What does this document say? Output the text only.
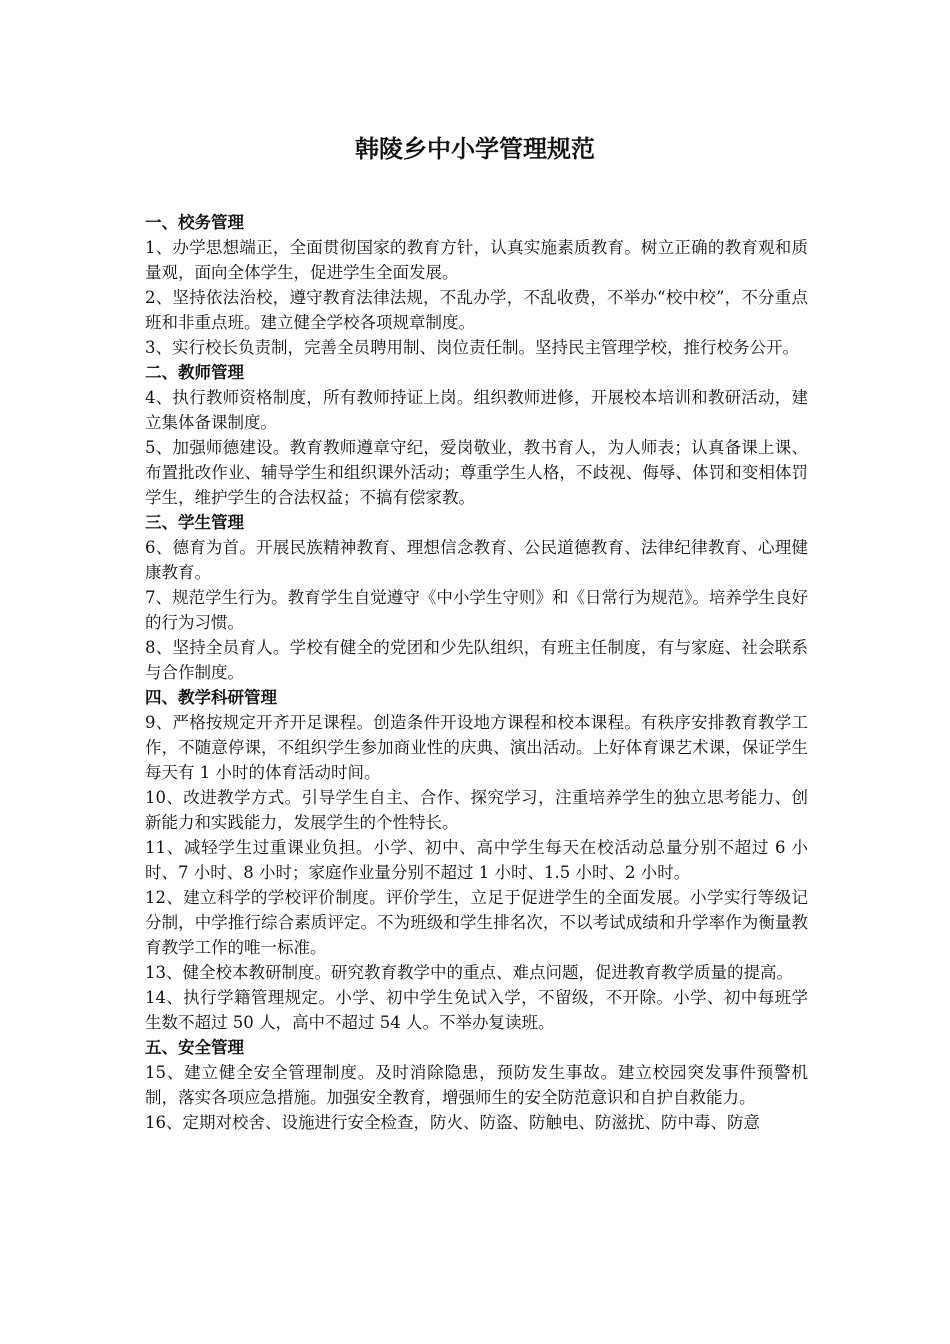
韩陵乡中小学管理规范

一、校务管理

1、办学思想端正，全面贯彻国家的教育方针，认真实施素质教育。树立正确的教育观和质量观，面向全体学生，促进学生全面发展。

2、坚持依法治校，遵守教育法律法规，不乱办学，不乱收费，不举办“校中校”，不分重点班和非重点班。建立健全学校各项规章制度。

3、实行校长负责制，完善全员聘用制、岗位责任制。坚持民主管理学校，推行校务公开。

二、教师管理

4、执行教师资格制度，所有教师持证上岗。组织教师进修，开展校本培训和教研活动，建立集体备课制度。

5、加强师德建设。教育教师遵章守纪，爱岗敬业，教书育人，为人师表；认真备课上课、布置批改作业、辅导学生和组织课外活动；尊重学生人格，不歧视、侮辱、体罚和变相体罚学生，维护学生的合法权益；不搞有偿家教。

三、学生管理

6、德育为首。开展民族精神教育、理想信念教育、公民道德教育、法律纪律教育、心理健康教育。

7、规范学生行为。教育学生自觉遵守《中小学生守则》和《日常行为规范》。培养学生良好的行为习惯。

8、坚持全员育人。学校有健全的党团和少先队组织，有班主任制度，有与家庭、社会联系与合作制度。

四、教学科研管理

9、严格按规定开齐开足课程。创造条件开设地方课程和校本课程。有秩序安排教育教学工作，不随意停课，不组织学生参加商业性的庆典、演出活动。上好体育课艺术课，保证学生每天有 1 小时的体育活动时间。

10、改进教学方式。引导学生自主、合作、探究学习，注重培养学生的独立思考能力、创新能力和实践能力，发展学生的个性特长。

11、减轻学生过重课业负担。小学、初中、高中学生每天在校活动总量分别不超过 6 小时、7 小时、8 小时；家庭作业量分别不超过 1 小时、1.5 小时、2 小时。

12、建立科学的学校评价制度。评价学生，立足于促进学生的全面发展。小学实行等级记分制，中学推行综合素质评定。不为班级和学生排名次，不以考试成绩和升学率作为衡量教育教学工作的唯一标准。

13、健全校本教研制度。研究教育教学中的重点、难点问题，促进教育教学质量的提高。

14、执行学籍管理规定。小学、初中学生免试入学，不留级，不开除。小学、初中每班学生数不超过 50 人，高中不超过 54 人。不举办复读班。

五、安全管理

15、建立健全安全管理制度。及时消除隐患，预防发生事故。建立校园突发事件预警机制，落实各项应急措施。加强安全教育，增强师生的安全防范意识和自护自救能力。

16、定期对校舍、设施进行安全检查，防火、防盗、防触电、防滋扰、防中毒、防意
